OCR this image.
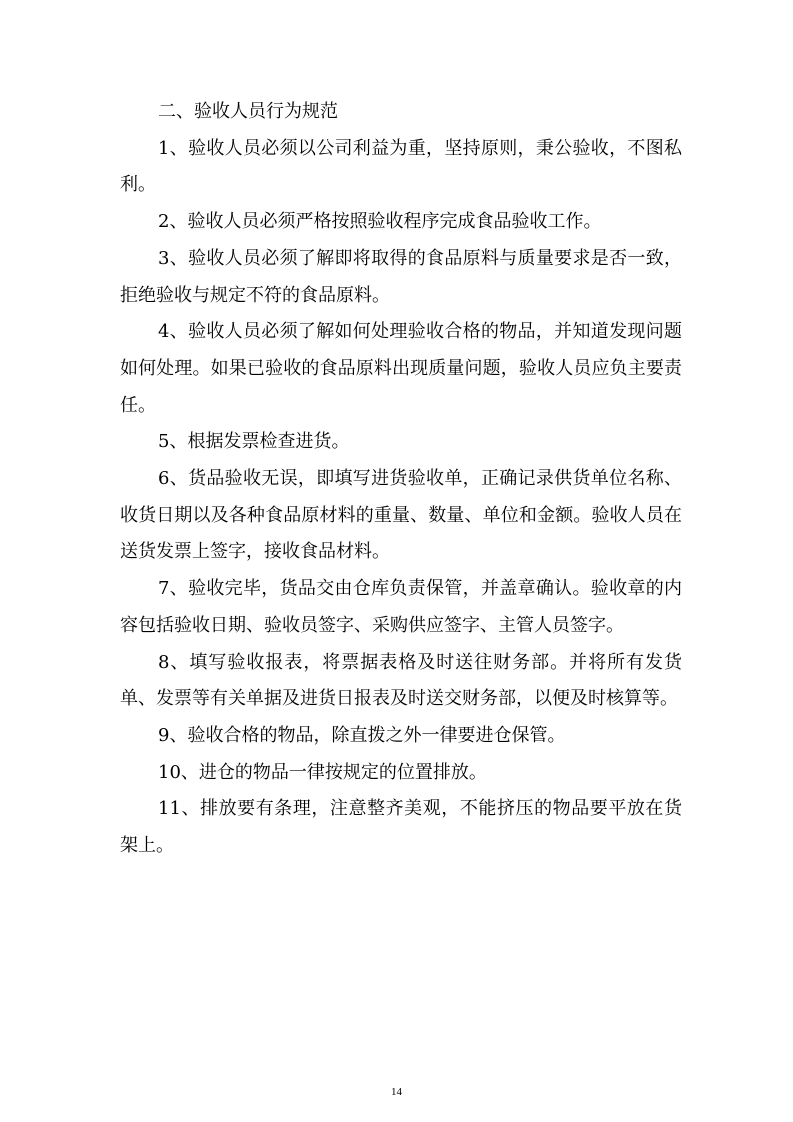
二、验收人员行为规范

1、验收人员必须以公司利益为重，坚持原则，秉公验收，不图私利。

2、验收人员必须严格按照验收程序完成食品验收工作。

3、验收人员必须了解即将取得的食品原料与质量要求是否一致，拒绝验收与规定不符的食品原料。

4、验收人员必须了解如何处理验收合格的物品，并知道发现问题如何处理。如果已验收的食品原料出现质量问题，验收人员应负主要责任。

5、根据发票检查进货。

6、货品验收无误，即填写进货验收单，正确记录供货单位名称、收货日期以及各种食品原材料的重量、数量、单位和金额。验收人员在送货发票上签字，接收食品材料。

7、验收完毕，货品交由仓库负责保管，并盖章确认。验收章的内容包括验收日期、验收员签字、采购供应签字、主管人员签字。

8、填写验收报表，将票据表格及时送往财务部。并将所有发货单、发票等有关单据及进货日报表及时送交财务部，以便及时核算等。

9、验收合格的物品，除直拨之外一律要进仓保管。

10、进仓的物品一律按规定的位置排放。

11、排放要有条理，注意整齐美观，不能挤压的物品要平放在货架上。

14
